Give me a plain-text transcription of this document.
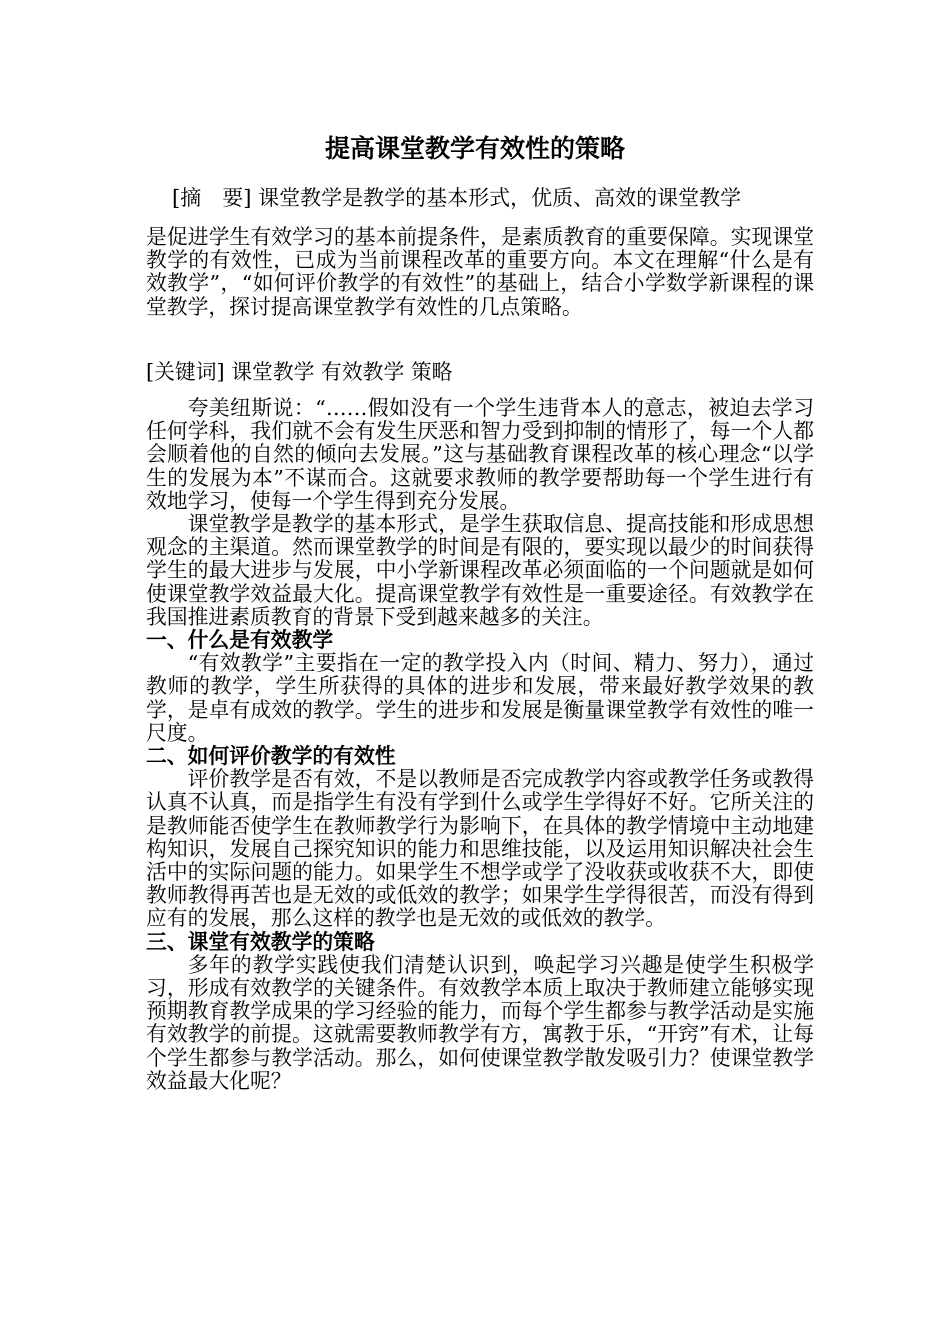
提高课堂教学有效性的策略
[摘　要] 课堂教学是教学的基本形式，优质、高效的课堂教学
是促进学生有效学习的基本前提条件，是素质教育的重要保障。实现课堂教学的有效性，已成为当前课程改革的重要方向。本文在理解“什么是有效教学”，“如何评价教学的有效性”的基础上，结合小学数学新课程的课堂教学，探讨提高课堂教学有效性的几点策略。
[关键词] 课堂教学 有效教学 策略

夸美纽斯说：“……假如没有一个学生违背本人的意志，被迫去学习任何学科，我们就不会有发生厌恶和智力受到抑制的情形了，每一个人都会顺着他的自然的倾向去发展。”这与基础教育课程改革的核心理念“以学生的发展为本”不谋而合。这就要求教师的教学要帮助每一个学生进行有效地学习，使每一个学生得到充分发展。

课堂教学是教学的基本形式，是学生获取信息、提高技能和形成思想观念的主渠道。然而课堂教学的时间是有限的，要实现以最少的时间获得学生的最大进步与发展，中小学新课程改革必须面临的一个问题就是如何使课堂教学效益最大化。提高课堂教学有效性是一重要途径。有效教学在我国推进素质教育的背景下受到越来越多的关注。

一、什么是有效教学

“有效教学”主要指在一定的教学投入内（时间、精力、努力），通过教师的教学，学生所获得的具体的进步和发展，带来最好教学效果的教学，是卓有成效的教学。学生的进步和发展是衡量课堂教学有效性的唯一尺度。

二、如何评价教学的有效性

评价教学是否有效，不是以教师是否完成教学内容或教学任务或教得认真不认真，而是指学生有没有学到什么或学生学得好不好。它所关注的是教师能否使学生在教师教学行为影响下，在具体的教学情境中主动地建构知识，发展自己探究知识的能力和思维技能，以及运用知识解决社会生活中的实际问题的能力。如果学生不想学或学了没收获或收获不大，即使教师教得再苦也是无效的或低效的教学；如果学生学得很苦，而没有得到应有的发展，那么这样的教学也是无效的或低效的教学。

三、课堂有效教学的策略

多年的教学实践使我们清楚认识到，唤起学习兴趣是使学生积极学习，形成有效教学的关键条件。有效教学本质上取决于教师建立能够实现预期教育教学成果的学习经验的能力，而每个学生都参与教学活动是实施有效教学的前提。这就需要教师教学有方，寓教于乐，“开窍”有术，让每个学生都参与教学活动。那么，如何使课堂教学散发吸引力？使课堂教学效益最大化呢？
